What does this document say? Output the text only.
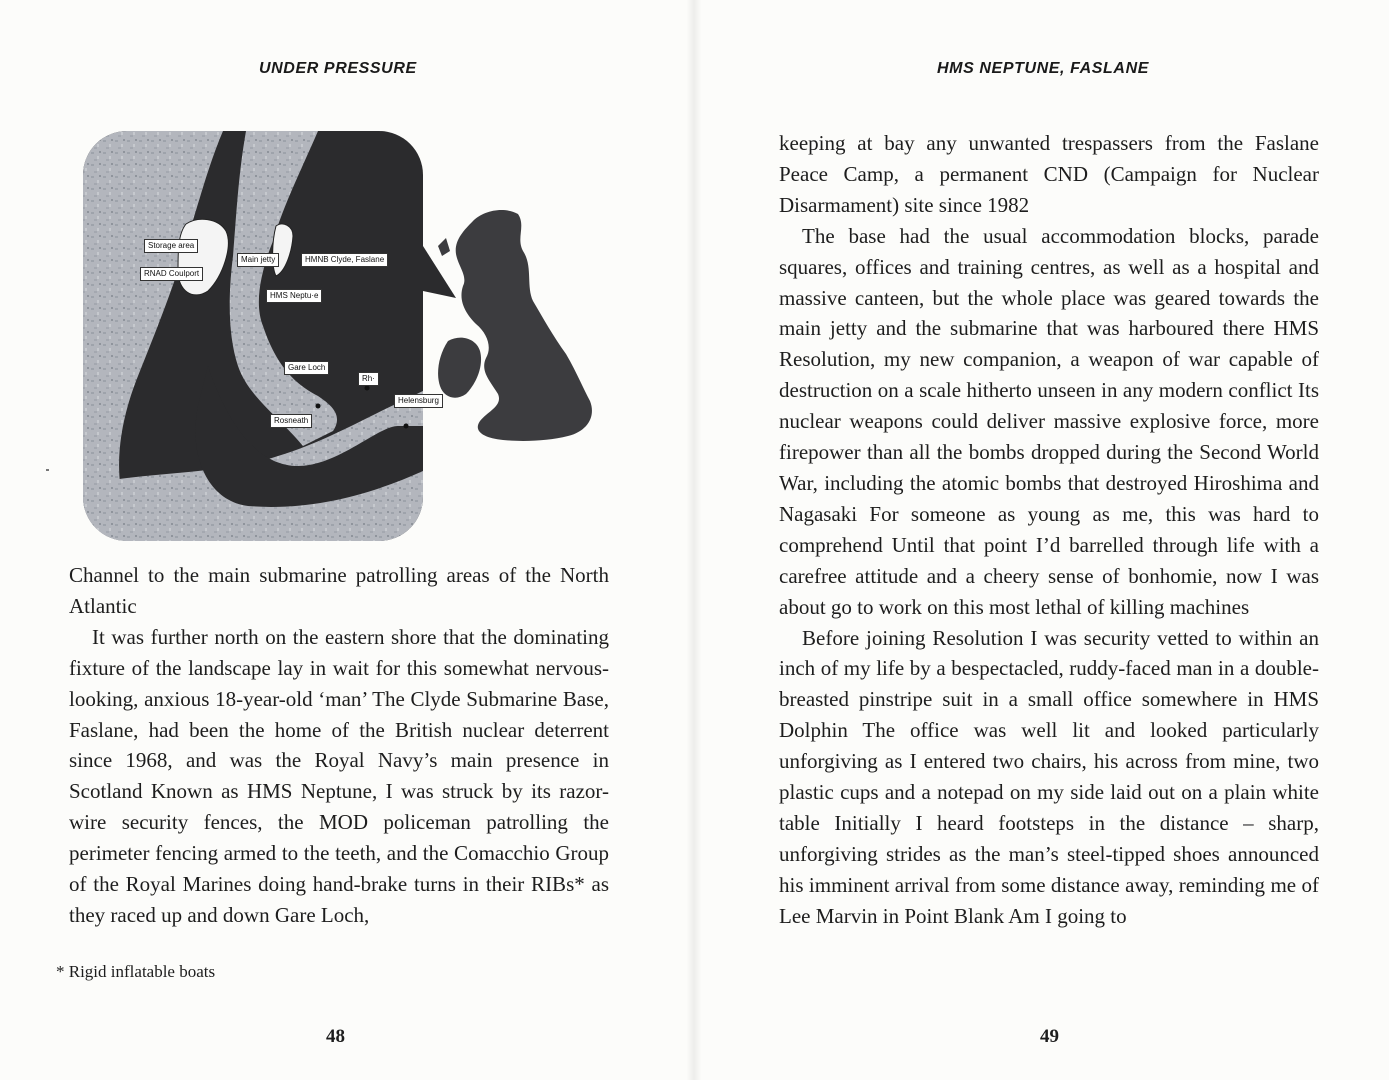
UNDER PRESSURE
Storage area
RNAD Coulport
Main jetty	HMNB Clyde, Faslane
HMS Neptu·e
Gare Loch
Rh·
Helensburg
Rosneath

Channel to the main submarine patrolling areas of the North Atlantic

It was further north on the eastern shore that the dominating fixture of the landscape lay in wait for this somewhat nervous-looking, anxious 18-year-old ‘man’ The Clyde Submarine Base, Faslane, had been the home of the British nuclear deterrent since 1968, and was the Royal Navy’s main presence in Scotland Known as HMS Neptune, I was struck by its razor-wire security fences, the MOD policeman patrolling the perimeter fencing armed to the teeth, and the Comacchio Group of the Royal Marines doing hand-brake turns in their RIBs* as they raced up and down Gare Loch,

* Rigid inflatable boats
48
HMS NEPTUNE, FASLANE

keeping at bay any unwanted trespassers from the Faslane Peace Camp, a permanent CND (Campaign for Nuclear Disarmament) site since 1982

The base had the usual accommodation blocks, parade squares, offices and training centres, as well as a hospital and massive canteen, but the whole place was geared towards the main jetty and the submarine that was harboured there HMS Resolution, my new companion, a weapon of war capable of destruction on a scale hitherto unseen in any modern conflict Its nuclear weapons could deliver massive explosive force, more firepower than all the bombs dropped during the Second World War, including the atomic bombs that destroyed Hiroshima and Nagasaki For someone as young as me, this was hard to comprehend Until that point I’d barrelled through life with a carefree attitude and a cheery sense of bonhomie, now I was about go to work on this most lethal of killing machines

Before joining Resolution I was security vetted to within an inch of my life by a bespectacled, ruddy-faced man in a double-breasted pinstripe suit in a small office somewhere in HMS Dolphin The office was well lit and looked particularly unforgiving as I entered two chairs, his across from mine, two plastic cups and a notepad on my side laid out on a plain white table Initially I heard footsteps in the distance – sharp, unforgiving strides as the man’s steel-tipped shoes announced his imminent arrival from some distance away, reminding me of Lee Marvin in Point Blank Am I going to

49
